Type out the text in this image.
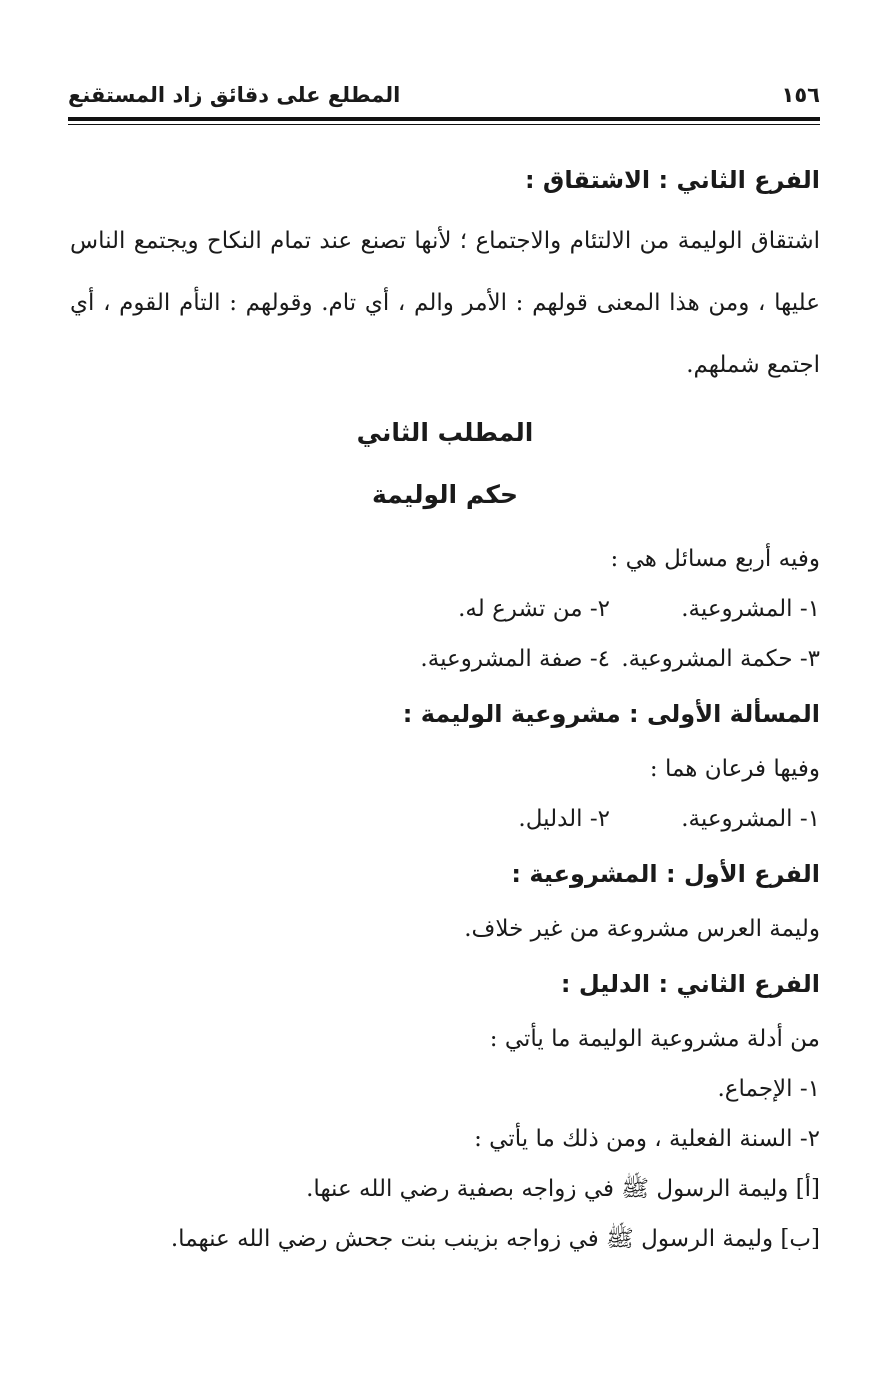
١٥٦
المطلع على دقائق زاد المستقنع

الفرع الثاني : الاشتقاق :

اشتقاق الوليمة من الالتئام والاجتماع ؛ لأنها تصنع عند تمام النكاح ويجتمع الناس عليها ، ومن هذا المعنى قولهم : الأمر والم ، أي تام. وقولهم : التأم القوم ، أي اجتمع شملهم.

المطلب الثاني

حكم الوليمة

وفيه أربع مسائل هي :

١- المشروعية.
٢- من تشرع له.
٣- حكمة المشروعية.
٤- صفة المشروعية.

المسألة الأولى : مشروعية الوليمة :

وفيها فرعان هما :

١- المشروعية.
٢- الدليل.

الفرع الأول : المشروعية :

وليمة العرس مشروعة من غير خلاف.

الفرع الثاني : الدليل :

من أدلة مشروعية الوليمة ما يأتي :

١- الإجماع.

٢- السنة الفعلية ، ومن ذلك ما يأتي :

[أ] وليمة الرسول ﷺ في زواجه بصفية رضي الله عنها.

[ب] وليمة الرسول ﷺ في زواجه بزينب بنت جحش رضي الله عنهما.
